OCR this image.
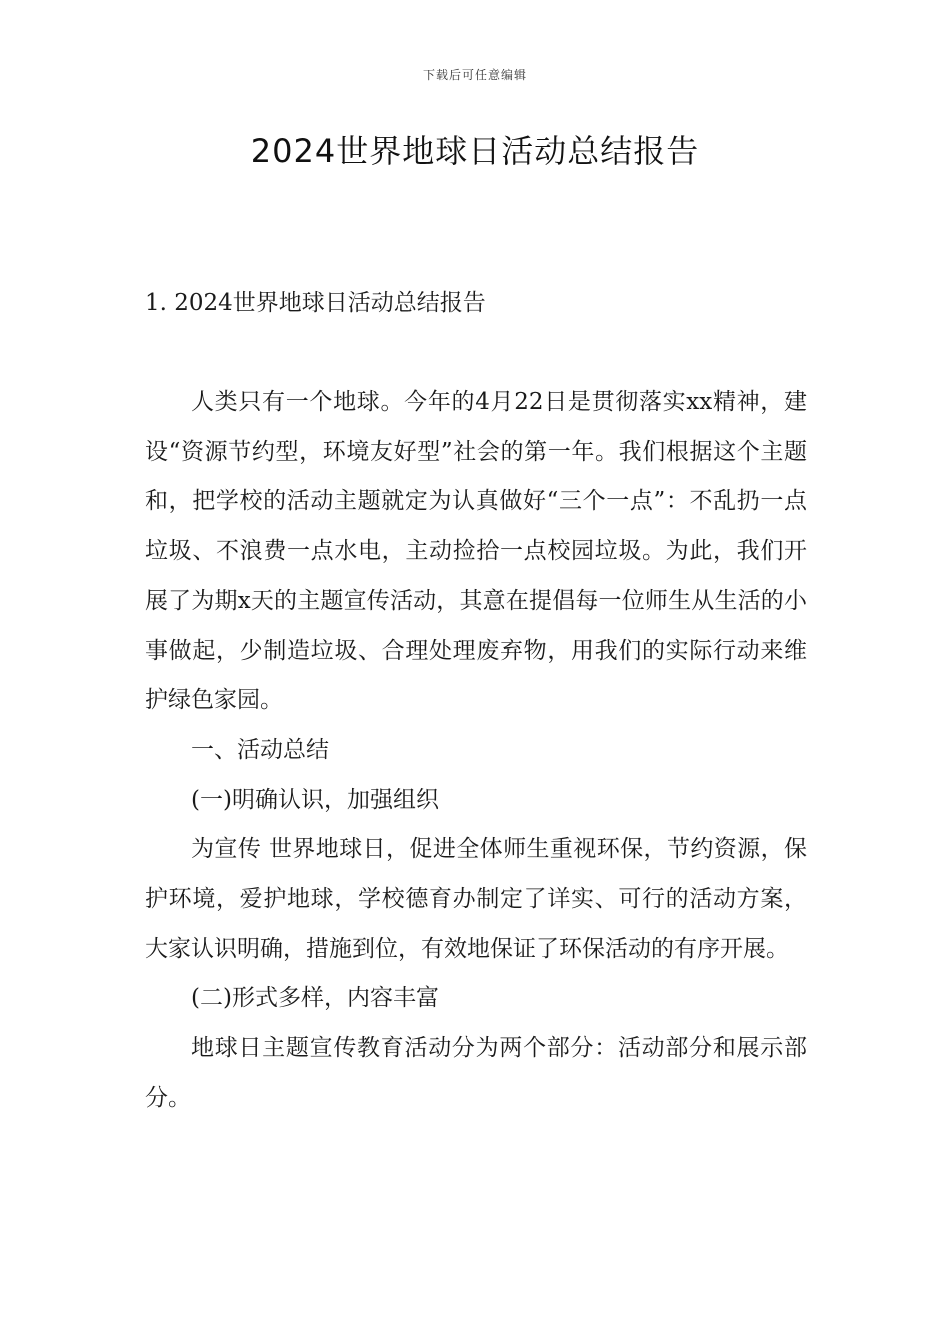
下载后可任意编辑
2024世界地球日活动总结报告
1. 2024世界地球日活动总结报告

人类只有一个地球。今年的4月22日是贯彻落实xx精神，建设“资源节约型，环境友好型”社会的第一年。我们根据这个主题和，把学校的活动主题就定为认真做好“三个一点”：不乱扔一点垃圾、不浪费一点水电，主动捡拾一点校园垃圾。为此，我们开展了为期x天的主题宣传活动，其意在提倡每一位师生从生活的小事做起，少制造垃圾、合理处理废弃物，用我们的实际行动来维护绿色家园。

一、活动总结

(一)明确认识，加强组织

为宣传 世界地球日，促进全体师生重视环保，节约资源，保护环境，爱护地球，学校德育办制定了详实、可行的活动方案，大家认识明确，措施到位，有效地保证了环保活动的有序开展。

(二)形式多样，内容丰富

地球日主题宣传教育活动分为两个部分：活动部分和展示部分。
